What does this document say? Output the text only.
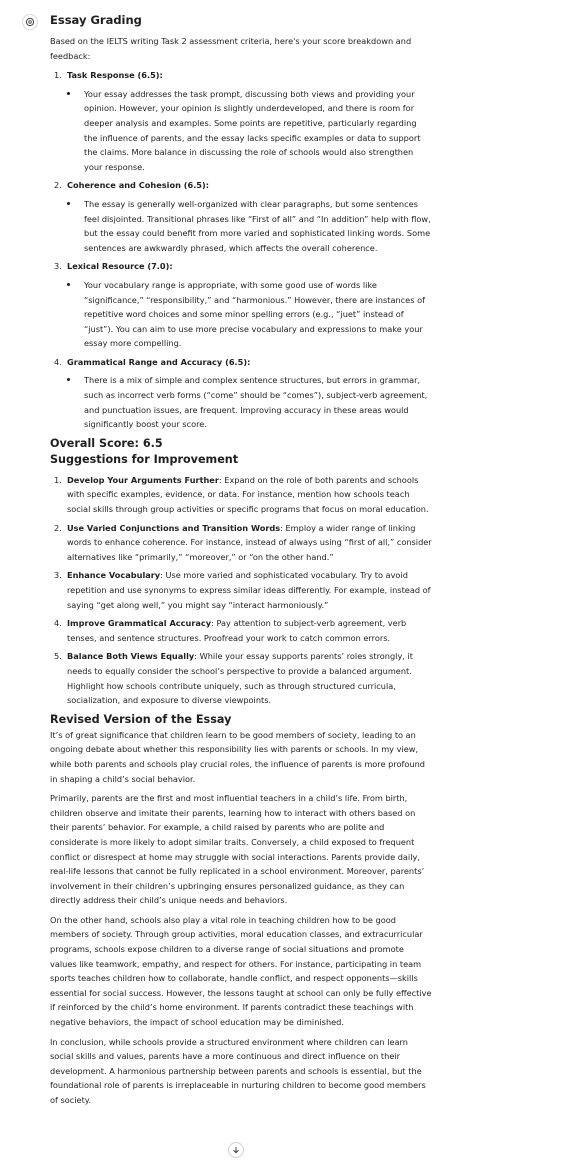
Essay Grading

Based on the IELTS writing Task 2 assessment criteria, here's your score breakdown and feedback:

1. Task Response (6.5):
Your essay addresses the task prompt, discussing both views and providing your opinion. However, your opinion is slightly underdeveloped, and there is room for deeper analysis and examples. Some points are repetitive, particularly regarding the influence of parents, and the essay lacks specific examples or data to support the claims. More balance in discussing the role of schools would also strengthen your response.
2. Coherence and Cohesion (6.5):
The essay is generally well-organized with clear paragraphs, but some sentences feel disjointed. Transitional phrases like “First of all” and “In addition” help with flow, but the essay could benefit from more varied and sophisticated linking words. Some sentences are awkwardly phrased, which affects the overall coherence.
3. Lexical Resource (7.0):
Your vocabulary range is appropriate, with some good use of words like “significance,” “responsibility,” and “harmonious.” However, there are instances of repetitive word choices and some minor spelling errors (e.g., “juet” instead of “just”). You can aim to use more precise vocabulary and expressions to make your essay more compelling.
4. Grammatical Range and Accuracy (6.5):
There is a mix of simple and complex sentence structures, but errors in grammar, such as incorrect verb forms (“come” should be “comes”), subject-verb agreement, and punctuation issues, are frequent. Improving accuracy in these areas would significantly boost your score.
Overall Score: 6.5
Suggestions for Improvement
1. Develop Your Arguments Further: Expand on the role of both parents and schools with specific examples, evidence, or data. For instance, mention how schools teach social skills through group activities or specific programs that focus on moral education.
2. Use Varied Conjunctions and Transition Words: Employ a wider range of linking words to enhance coherence. For instance, instead of always using “first of all,” consider alternatives like “primarily,” “moreover,” or “on the other hand.”
3. Enhance Vocabulary: Use more varied and sophisticated vocabulary. Try to avoid repetition and use synonyms to express similar ideas differently. For example, instead of saying “get along well,” you might say “interact harmoniously.”
4. Improve Grammatical Accuracy: Pay attention to subject-verb agreement, verb tenses, and sentence structures. Proofread your work to catch common errors.
5. Balance Both Views Equally: While your essay supports parents’ roles strongly, it needs to equally consider the school’s perspective to provide a balanced argument. Highlight how schools contribute uniquely, such as through structured curricula, socialization, and exposure to diverse viewpoints.
Revised Version of the Essay

It’s of great significance that children learn to be good members of society, leading to an ongoing debate about whether this responsibility lies with parents or schools. In my view, while both parents and schools play crucial roles, the influence of parents is more profound in shaping a child’s social behavior.

Primarily, parents are the first and most influential teachers in a child’s life. From birth, children observe and imitate their parents, learning how to interact with others based on their parents’ behavior. For example, a child raised by parents who are polite and considerate is more likely to adopt similar traits. Conversely, a child exposed to frequent conflict or disrespect at home may struggle with social interactions. Parents provide daily, real-life lessons that cannot be fully replicated in a school environment. Moreover, parents’ involvement in their children’s upbringing ensures personalized guidance, as they can directly address their child’s unique needs and behaviors.

On the other hand, schools also play a vital role in teaching children how to be good members of society. Through group activities, moral education classes, and extracurricular programs, schools expose children to a diverse range of social situations and promote values like teamwork, empathy, and respect for others. For instance, participating in team sports teaches children how to collaborate, handle conflict, and respect opponents—skills essential for social success. However, the lessons taught at school can only be fully effective if reinforced by the child’s home environment. If parents contradict these teachings with negative behaviors, the impact of school education may be diminished.

In conclusion, while schools provide a structured environment where children can learn social skills and values, parents have a more continuous and direct influence on their development. A harmonious partnership between parents and schools is essential, but the foundational role of parents is irreplaceable in nurturing children to become good members of society.
